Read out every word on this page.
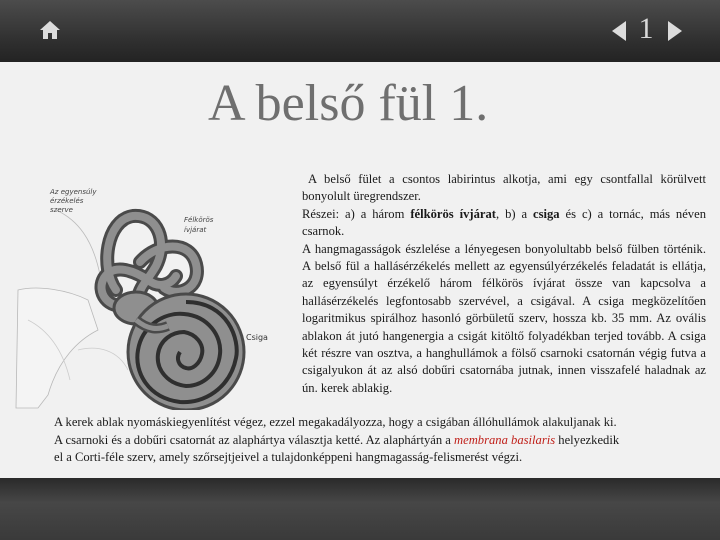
1
A belső fül 1.
Az egyensúly
érzékelés
szerve
Félkörös
ívjárat
Csiga

A belső fület a csontos labirintus alkotja, ami egy csontfallal körülvett bonyolult üregrendszer.

Részei: a) a három félkörös ívjárat, b) a csiga és c) a tornác, más néven csarnok.

A hangmagasságok észlelése a lényegesen bonyolultabb belső fülben történik. A belső fül a hallásérzékelés mellett az egyensúlyérzékelés feladatát is ellátja, az egyensúlyt érzékelő három félkörös ívjárat össze van kapcsolva a hallásérzékelés legfontosabb szervével, a csigával. A csiga megközelítően logaritmikus spirálhoz hasonló görbületű szerv, hossza kb. 35 mm. Az ovális ablakon át jutó hangenergia a csigát kitöltő folyadékban terjed tovább. A csiga két részre van osztva, a hanghullámok a fölső csarnoki csatornán végig futva a csigalyukon át az alsó dobűri csatornába jutnak, innen visszafelé haladnak az ún. kerek ablakig.

A kerek ablak nyomáskiegyenlítést végez, ezzel megakadályozza, hogy a csigában állóhullámok alakuljanak ki.

A csarnoki és a dobűri csatornát az alaphártya választja ketté. Az alaphártyán a membrana basilaris helyezkedik

el a Corti-féle szerv, amely szőrsejtjeivel a tulajdonképpeni hangmagasság-felismerést végzi.
